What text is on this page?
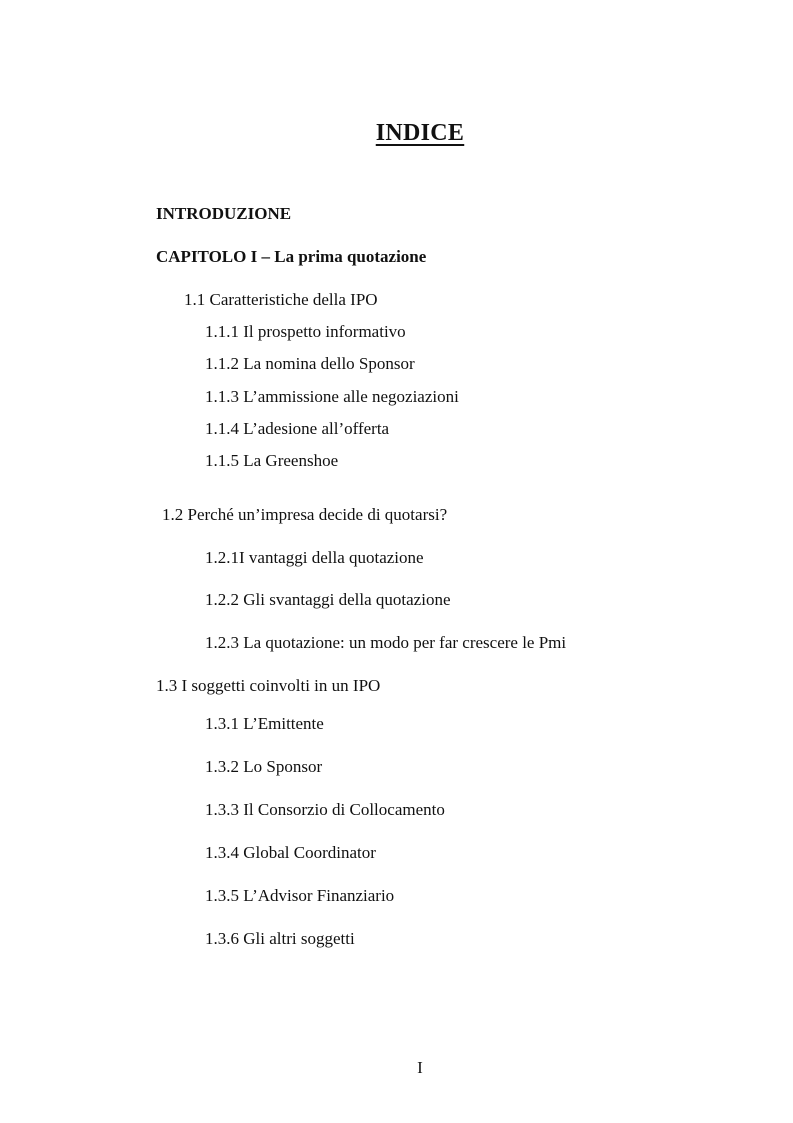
INDICE
INTRODUZIONE
CAPITOLO I – La prima quotazione
1.1 Caratteristiche della IPO
1.1.1 Il prospetto informativo
1.1.2 La nomina dello Sponsor
1.1.3 L’ammissione alle negoziazioni
1.1.4 L’adesione all’offerta
1.1.5 La Greenshoe
1.2 Perché un’impresa decide di quotarsi?
1.2.1I vantaggi della quotazione
1.2.2 Gli svantaggi della quotazione
1.2.3 La quotazione: un modo per far crescere le Pmi
1.3 I soggetti coinvolti in un IPO
1.3.1 L’Emittente
1.3.2 Lo Sponsor
1.3.3 Il Consorzio di Collocamento
1.3.4 Global Coordinator
1.3.5 L’Advisor Finanziario
1.3.6 Gli altri soggetti
I
